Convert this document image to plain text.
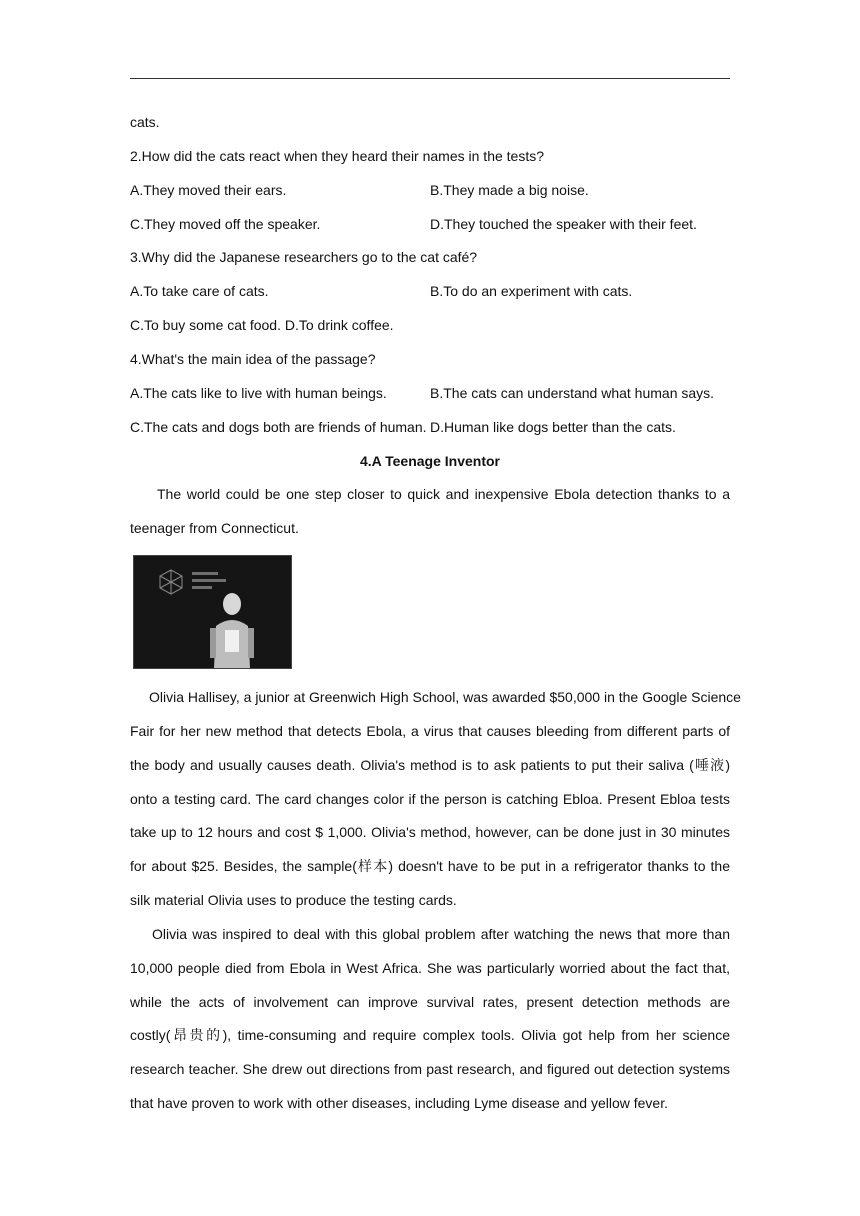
cats.
2.How did the cats react when they heard their names in the tests?
A.They moved their ears.	B.They made a big noise.
C.They moved off the speaker.	D.They touched the speaker with their feet.
3.Why did the Japanese researchers go to the cat café?
A.To take care of cats.	B.To do an experiment with cats.
C.To buy some cat food. D.To drink coffee.
4.What's the main idea of the passage?
A.The cats like to live with human beings.	B.The cats can understand what human says.
C.The cats and dogs both are friends of human. D.Human like dogs better than the cats.
4.A Teenage Inventor
The world could be one step closer to quick and inexpensive Ebola detection thanks to a
teenager from Connecticut.
Olivia Hallisey, a junior at Greenwich High School, was awarded $50,000 in the Google Science
Fair for her new method that detects Ebola, a virus that causes bleeding from different parts of
the body and usually causes death. Olivia's method is to ask patients to put their saliva (唾液)
onto a testing card. The card changes color if the person is catching Ebloa. Present Ebloa tests
take up to 12 hours and cost $ 1,000. Olivia's method, however, can be done just in 30 minutes
for about $25. Besides, the sample(样本) doesn't have to be put in a refrigerator thanks to the
silk material Olivia uses to produce the testing cards.
Olivia was inspired to deal with this global problem after watching the news that more than
10,000 people died from Ebola in West Africa. She was particularly worried about the fact that,
while the acts of involvement can improve survival rates, present detection methods are
costly(昂贵的), time-consuming and require complex tools. Olivia got help from her science
research teacher. She drew out directions from past research, and figured out detection systems
that have proven to work with other diseases, including Lyme disease and yellow fever.
